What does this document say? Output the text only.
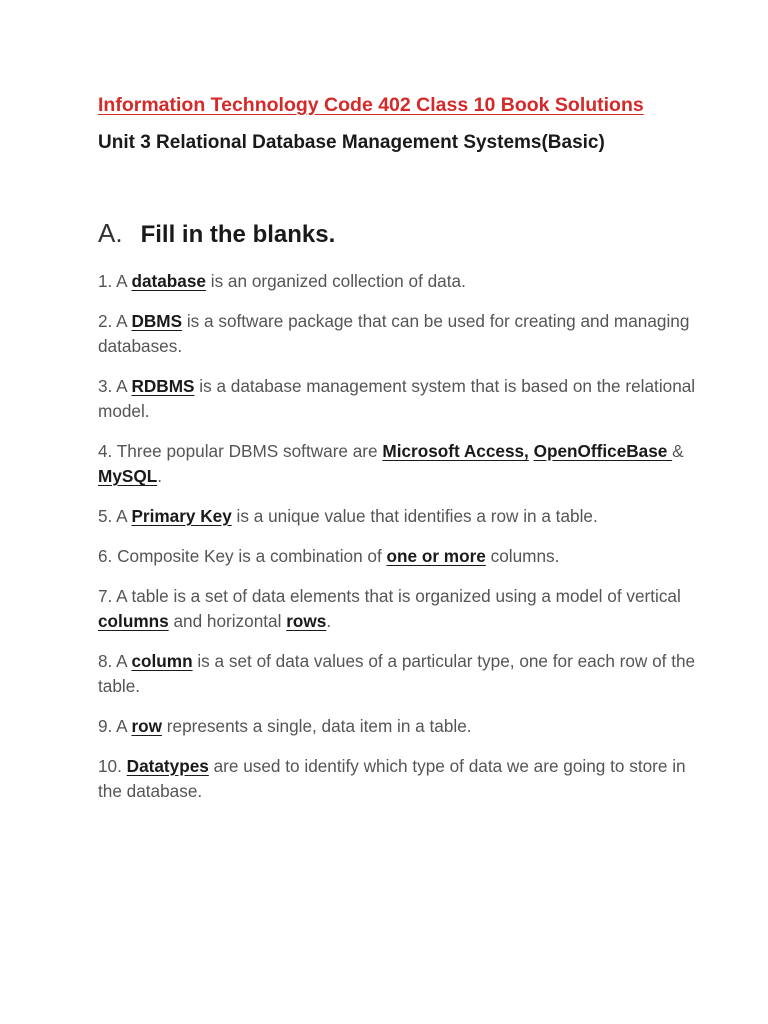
Information Technology Code 402 Class 10 Book Solutions
Unit 3 Relational Database Management Systems(Basic)
A. Fill in the blanks.
1. A database is an organized collection of data.
2. A DBMS is a software package that can be used for creating and managing databases.
3. A RDBMS is a database management system that is based on the relational model.
4. Three popular DBMS software are Microsoft Access, OpenOfficeBase & MySQL.
5. A Primary Key is a unique value that identifies a row in a table.
6. Composite Key is a combination of one or more columns.
7. A table is a set of data elements that is organized using a model of vertical columns and horizontal rows.
8. A column is a set of data values of a particular type, one for each row of the table.
9. A row represents a single, data item in a table.
10. Datatypes are used to identify which type of data we are going to store in the database.
